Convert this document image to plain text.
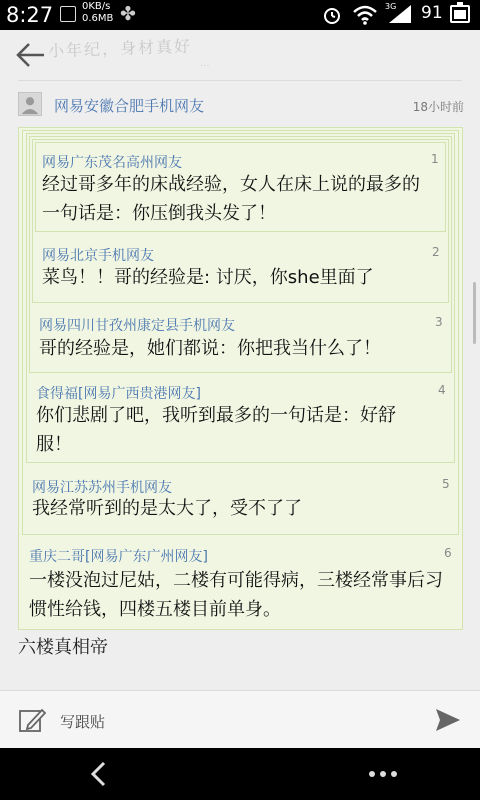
8:27	0KB/s
0.6MB ✤	3G 91
小年纪，身材真好
...
网易安徽合肥手机网友	18小时前
网易广东茂名高州网友	1
经过哥多年的床战经验，女人在床上说的最多的一句话是：你压倒我头发了！
网易北京手机网友	2
菜鸟！！哥的经验是: 讨厌，你she里面了
网易四川甘孜州康定县手机网友	3
哥的经验是，她们都说：你把我当什么了！
食得福[网易广西贵港网友]	4
你们悲剧了吧，我听到最多的一句话是：好舒服！
网易江苏苏州手机网友	5
我经常听到的是太大了，受不了了
重庆二哥[网易广东广州网友]	6
一楼没泡过尼姑，二楼有可能得病，三楼经常事后习惯性给钱，四楼五楼目前单身。
六楼真相帝
写跟贴
